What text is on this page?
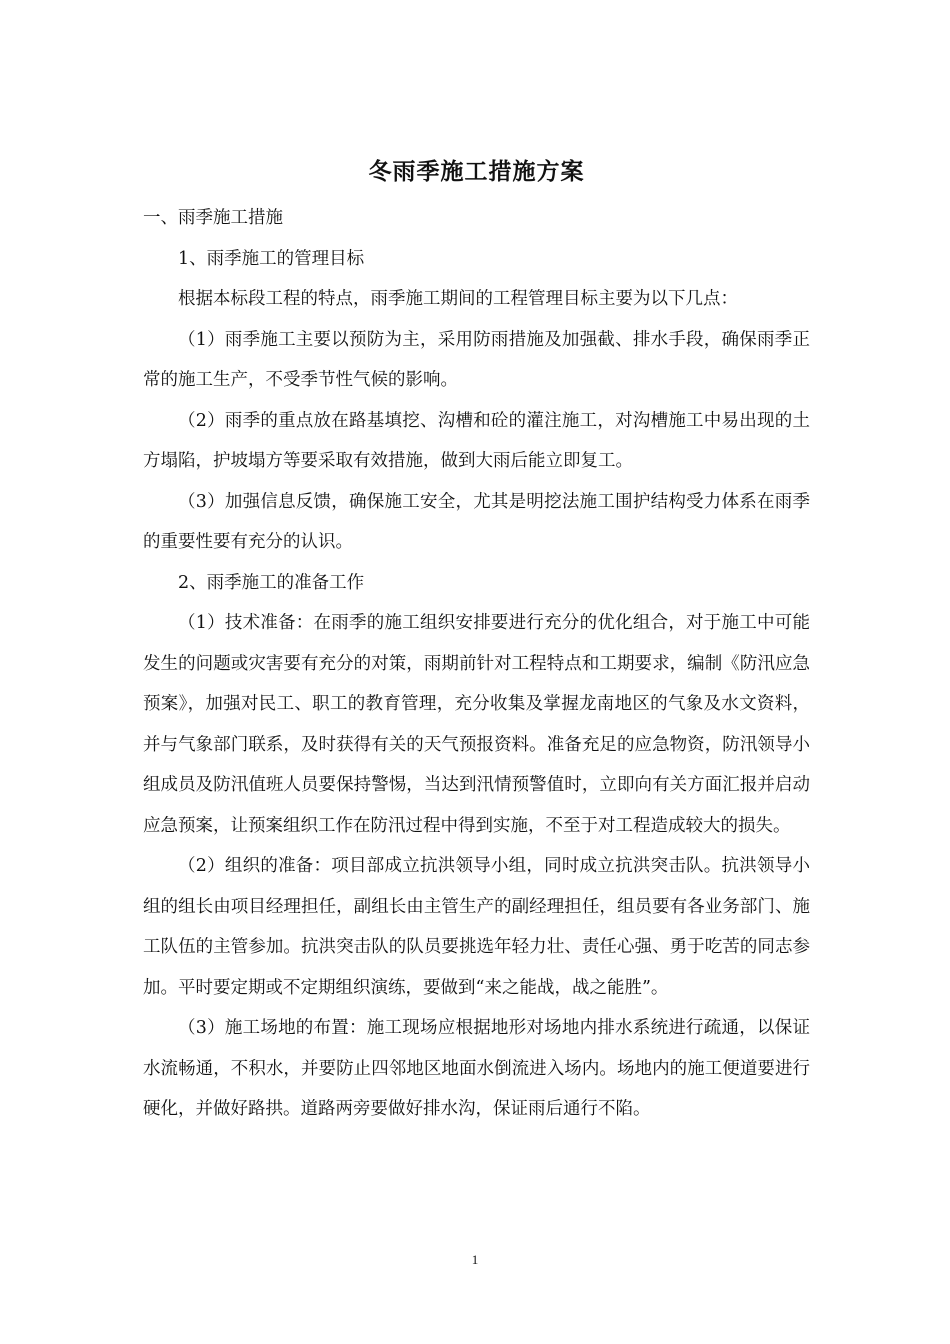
冬雨季施工措施方案

一、雨季施工措施

1、雨季施工的管理目标

根据本标段工程的特点，雨季施工期间的工程管理目标主要为以下几点：

（1）雨季施工主要以预防为主，采用防雨措施及加强截、排水手段，确保雨季正常的施工生产，不受季节性气候的影响。

（2）雨季的重点放在路基填挖、沟槽和砼的灌注施工，对沟槽施工中易出现的土方塌陷，护坡塌方等要采取有效措施，做到大雨后能立即复工。

（3）加强信息反馈，确保施工安全，尤其是明挖法施工围护结构受力体系在雨季的重要性要有充分的认识。

2、雨季施工的准备工作

（1）技术准备：在雨季的施工组织安排要进行充分的优化组合，对于施工中可能发生的问题或灾害要有充分的对策，雨期前针对工程特点和工期要求，编制《防汛应急预案》，加强对民工、职工的教育管理，充分收集及掌握龙南地区的气象及水文资料，并与气象部门联系，及时获得有关的天气预报资料。准备充足的应急物资，防汛领导小组成员及防汛值班人员要保持警惕，当达到汛情预警值时，立即向有关方面汇报并启动应急预案，让预案组织工作在防汛过程中得到实施，不至于对工程造成较大的损失。

（2）组织的准备：项目部成立抗洪领导小组，同时成立抗洪突击队。抗洪领导小组的组长由项目经理担任，副组长由主管生产的副经理担任，组员要有各业务部门、施工队伍的主管参加。抗洪突击队的队员要挑选年轻力壮、责任心强、勇于吃苦的同志参加。平时要定期或不定期组织演练，要做到“来之能战，战之能胜”。

（3）施工场地的布置：施工现场应根据地形对场地内排水系统进行疏通，以保证水流畅通，不积水，并要防止四邻地区地面水倒流进入场内。场地内的施工便道要进行硬化，并做好路拱。道路两旁要做好排水沟，保证雨后通行不陷。

1
